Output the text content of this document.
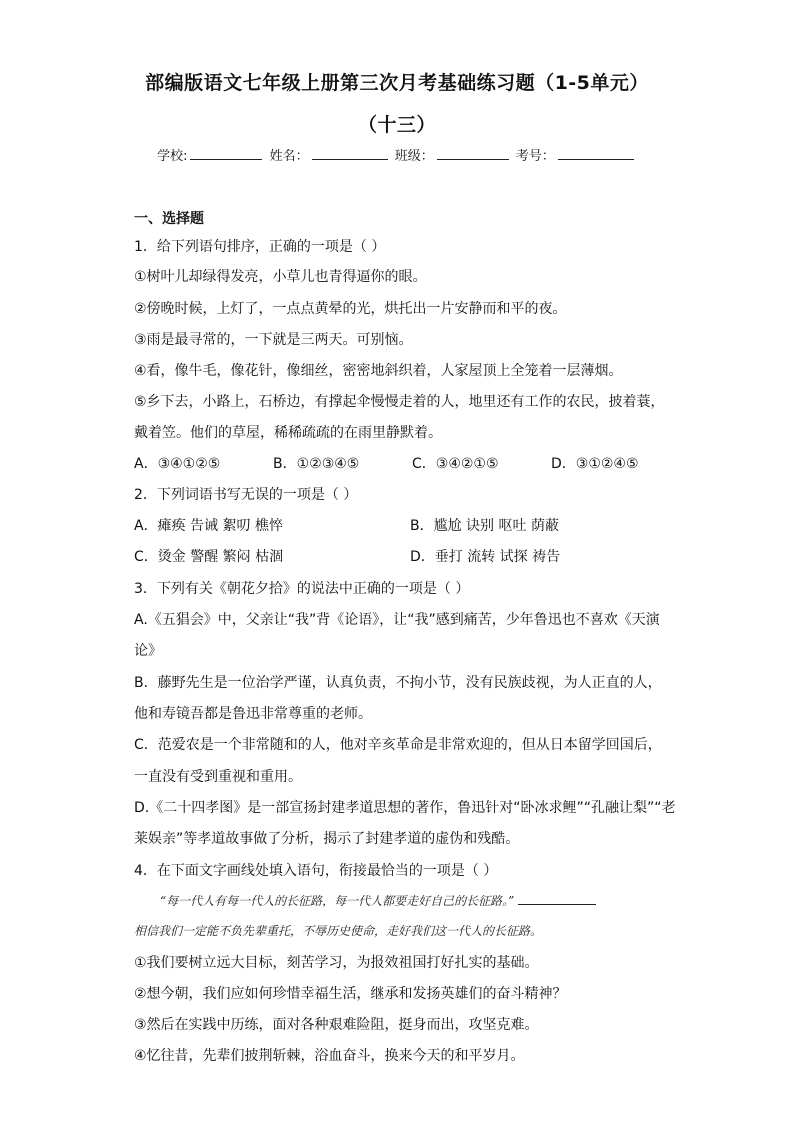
部编版语文七年级上册第三次月考基础练习题（1-5单元）
（十三）
学校:	姓名：	班级：	考号：
一、选择题
1．给下列语句排序，正确的一项是（ ）
①树叶儿却绿得发亮，小草儿也青得逼你的眼。
②傍晚时候，上灯了，一点点黄晕的光，烘托出一片安静而和平的夜。
③雨是最寻常的，一下就是三两天。可别恼。
④看，像牛毛，像花针，像细丝，密密地斜织着，人家屋顶上全笼着一层薄烟。
⑤乡下去，小路上，石桥边，有撑起伞慢慢走着的人，地里还有工作的农民，披着蓑，
戴着笠。他们的草屋，稀稀疏疏的在雨里静默着。
A．③④①②⑤	B．①②③④⑤	C．③④②①⑤	D．③①②④⑤
2．下列词语书写无误的一项是（ ）
A．瘫痪 告诫 絮叨 樵悴	B．尴尬 诀别 呕吐 荫蔽
C．烫金 警醒 繁闷 枯涸	D．垂打 流转 试探 祷告
3．下列有关《朝花夕拾》的说法中正确的一项是（ ）
A.《五猖会》中，父亲让“我”背《论语》，让“我”感到痛苦，少年鲁迅也不喜欢《天演
论》
B．藤野先生是一位治学严谨，认真负责，不拘小节，没有民族歧视，为人正直的人，
他和寿镜吾都是鲁迅非常尊重的老师。
C．范爱农是一个非常随和的人，他对辛亥革命是非常欢迎的，但从日本留学回国后，
一直没有受到重视和重用。
D.《二十四孝图》是一部宣扬封建孝道思想的著作，鲁迅针对“卧冰求鲤”“孔融让梨”“老
莱娱亲”等孝道故事做了分析，揭示了封建孝道的虚伪和残酷。
4．在下面文字画线处填入语句，衔接最恰当的一项是（ ）
“每一代人有每一代人的长征路，每一代人都要走好自己的长征路。”
相信我们一定能不负先辈重托，不辱历史使命，走好我们这一代人的长征路。
①我们要树立远大目标，刻苦学习，为报效祖国打好扎实的基础。
②想今朝，我们应如何珍惜幸福生活，继承和发扬英雄们的奋斗精神？
③然后在实践中历练，面对各种艰难险阻，挺身而出，攻坚克难。
④忆往昔，先辈们披荆斩棘，浴血奋斗，换来今天的和平岁月。
